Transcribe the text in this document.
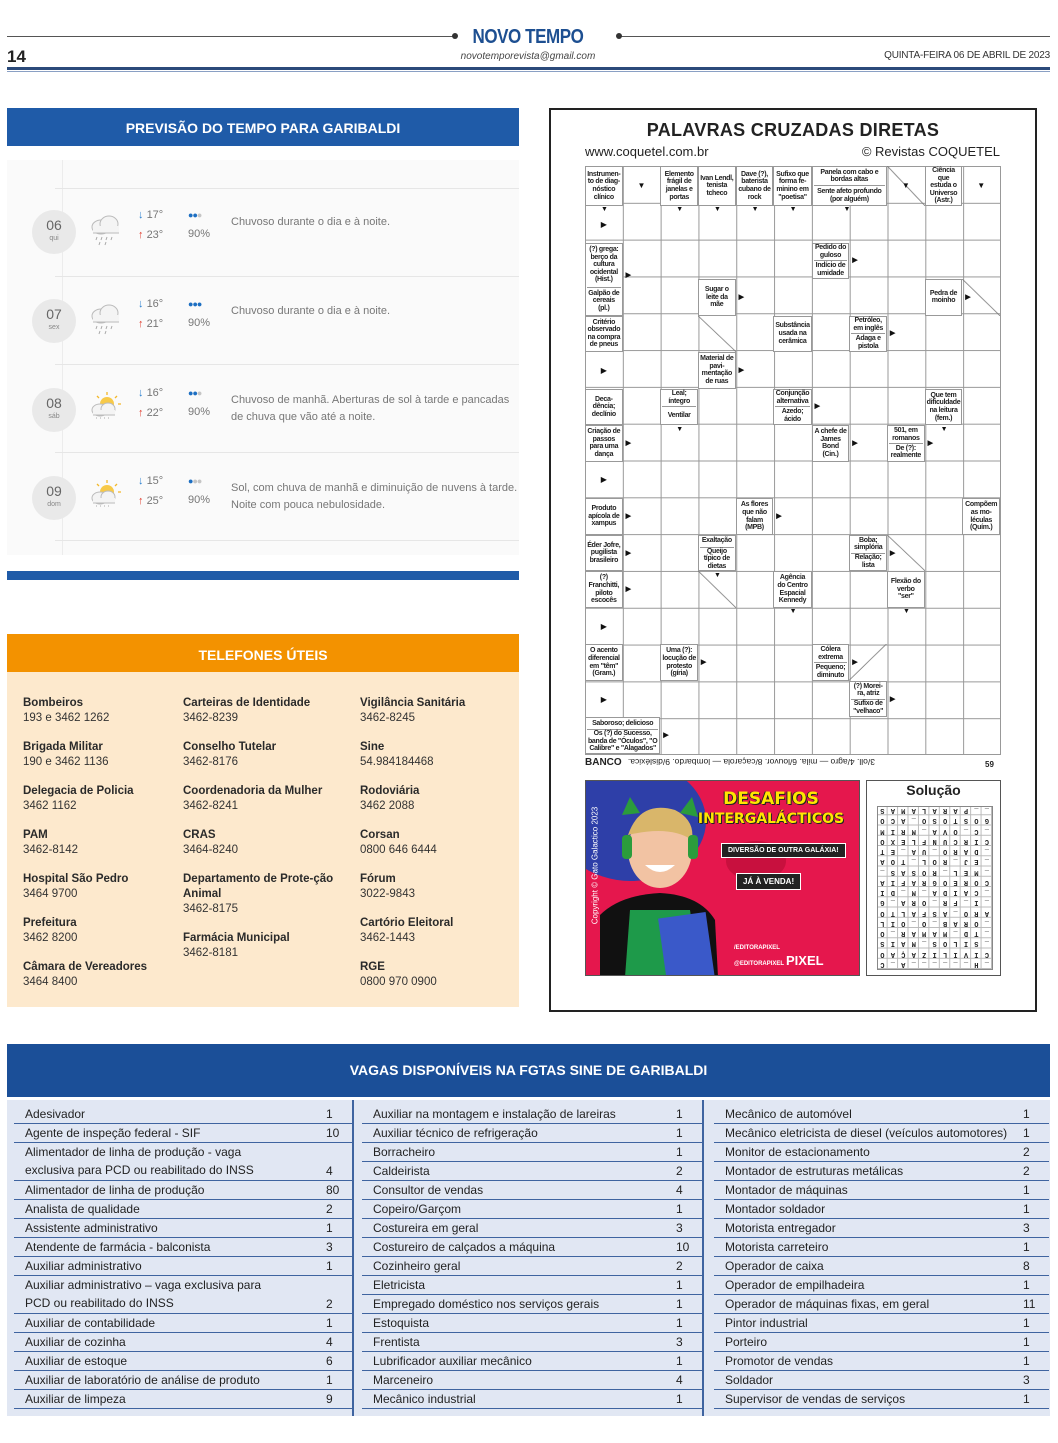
NOVO TEMPO
novotemporevista@gmail.com
14	QUINTA-FEIRA 06 DE ABRIL DE 2023
PREVISÃO DO TEMPO PARA GARIBALDI
TELEFONES ÚTEIS
PALAVRAS CRUZADAS DIRETAS
www.coquetel.com.br	© Revistas COQUETEL
Instrumen-to de diag-nóstico clínico
▼
▼
Elemento frágil de janelas e portas
▼
Ivan Lendl, tenista tcheco
▼
Dave (?), baterista cubano de rock
▼
Sufixo que forma fe-minino em "poetisa"
▼
Panela com cabo e bordas altas
Sente afeto profundo (por alguém)
▼
▼
Ciência que estuda o Universo (Astr.)
▼
▶
(?) grega: berço da cultura ocidental (Hist.)
Galpão de cereais (pl.)
▶
Pedido do guloso
Indício de umidade
▶
Sugar o leite da mãe
▶
Pedra de moinho
▶
Critério observado na compra de pneus
Substância usada na cerâmica
Petróleo, em inglês
Adaga e pistola
▶
▶
Material de pavi-mentação de ruas
▶
Deca-dência; declínio
Leal; íntegro
Ventilar
▼
Conjunção alternativa
Azedo; ácido
▶
Que tem dificuldade na leitura (fem.)
▼
Criação de passos para uma dança
▶
A chefe de James Bond (Cin.)
▶
501, em romanos
De (?): realmente
▶
▶
Produto apícola de xampus
▶
As flores que não falam (MPB)
▶
Compõem as mo-léculas (Quím.)
Éder Jofre, pugilista brasileiro
▶
Exaltação
Queijo típico de dietas
▼
Boba; simplória
Relação; lista
▶
(?) Franchitti, piloto escocês
▶
Agência do Centro Espacial Kennedy
▼
Flexão do verbo "ser"
▼
▶
O acento diferencial em "têm" (Gram.)
Uma (?): locução de protesto (gíria)
▶
Cólera extrema
Pequeno; diminuto
▶
▶
(?) Morei-ra, atriz
Sufixo de "velhaco"
▶
Saboroso; delicioso
Os (?) do Sucesso, banda de "Óculos", "O Calibre" e "Alagados"
▶
BANCO 3/oll. 4/agro — mila. 6/louvor. 8/caçarola — lombardo. 9/disléxica.	59
Copyright © Gato Galactico 2023
DESAFIOS
INTERGALÁCTICOS
DIVERSÃO DE OUTRA GALÁXIA!
JÁ À VENDA!
/EDITORAPIXEL
@EDITORAPIXEL PIXEL
Solução
_H______A_C
CIVILIZAÇAO
_SILOS_MAIS
_TD_MAMAR_O
_ORAB_O_OIL
ARO_ASFALTO
_I_FR_ORA_G
_CAIDA_M_DI
COREOGRAFIA
_MEL_ROSAS_
_EJ_ROL_TOA
_DARO_UA_ET
CIRCUNFLEXO
_C_OVA_MRIM
GOSTOSO_ACO
__PARALAMAS
VAGAS DISPONÍVEIS NA FGTAS SINE DE GARIBALDI
Adesivador	1
Agente de inspeção federal - SIF	10
Alimentador de linha de produção - vaga exclusiva para PCD ou reabilitado do INSS	4
Alimentador de linha de produção	80
Analista de qualidade	2
Assistente administrativo	1
Atendente de farmácia - balconista	3
Auxiliar administrativo	1
Auxiliar administrativo – vaga exclusiva para PCD ou reabilitado do INSS	2
Auxiliar de contabilidade	1
Auxiliar de cozinha	4
Auxiliar de estoque	6
Auxiliar de laboratório de análise de produto	1
Auxiliar de limpeza	9
Auxiliar na montagem e instalação de lareiras	1
Auxiliar técnico de refrigeração	1
Borracheiro	1
Caldeirista	2
Consultor de vendas	4
Copeiro/Garçom	1
Costureira em geral	3
Costureiro de calçados a máquina	10
Cozinheiro geral	2
Eletricista	1
Empregado doméstico nos serviços gerais	1
Estoquista	1
Frentista	3
Lubrificador auxiliar mecânico	1
Marceneiro	4
Mecânico industrial	1
Mecânico de automóvel	1
Mecânico eletricista de diesel (veículos automotores)	1
Monitor de estacionamento	2
Montador de estruturas metálicas	2
Montador de máquinas	1
Montador soldador	1
Motorista entregador	3
Motorista carreteiro	1
Operador de caixa	8
Operador de empilhadeira	1
Operador de máquinas fixas, em geral	11
Pintor industrial	1
Porteiro	1
Promotor de vendas	1
Soldador	3
Supervisor de vendas de serviços	1
06
qui
↓ 17°
↑ 23°
●●●
90%
Chuvoso durante o dia e à noite.
07
sex
↓ 16°
↑ 21°
●●●
90%
Chuvoso durante o dia e à noite.
08
sáb
↓ 16°
↑ 22°
●●●
90%
Chuvoso de manhã. Aberturas de sol à tarde e pancadas de chuva que vão até a noite.
09
dom
↓ 15°
↑ 25°
●●●
90%
Sol, com chuva de manhã e diminuição de nuvens à tarde. Noite com pouca nebulosidade.
Bombeiros
193 e 3462 1262
Brigada Militar
190 e 3462 1136
Delegacia de Policia
3462 1162
PAM
3462-8142
Hospital São Pedro
3464 9700
Prefeitura
3462 8200
Câmara de Vereadores
3464 8400
Carteiras de Identidade
3462-8239
Conselho Tutelar
3462-8176
Coordenadoria da Mulher
3462-8241
CRAS
3464-8240
Departamento de Prote-ção Animal
3462-8175
Farmácia Municipal
3462-8181
Vigilância Sanitária
3462-8245
Sine
54.984184468
Rodoviária
3462 2088
Corsan
0800 646 6444
Fórum
3022-9843
Cartório Eleitoral
3462-1443
RGE
0800 970 0900
